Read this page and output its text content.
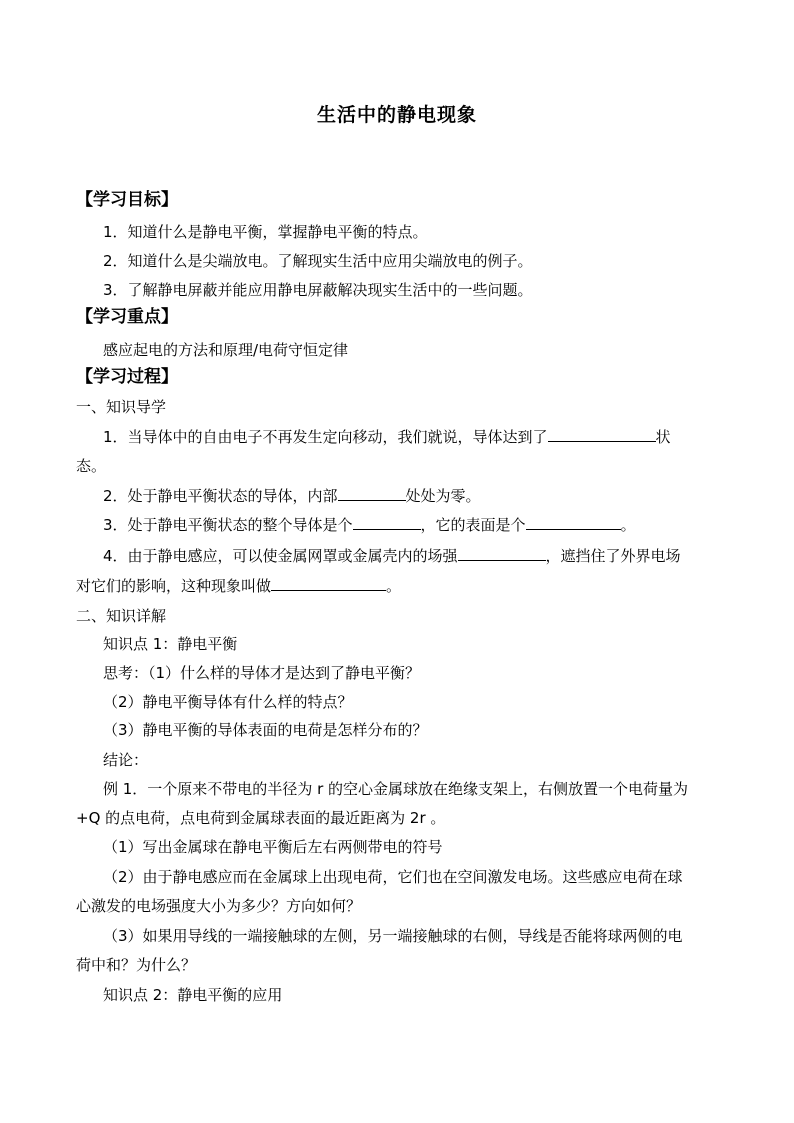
生活中的静电现象
【学习目标】
1．知道什么是静电平衡，掌握静电平衡的特点。
2．知道什么是尖端放电。了解现实生活中应用尖端放电的例子。
3．了解静电屏蔽并能应用静电屏蔽解决现实生活中的一些问题。
【学习重点】
感应起电的方法和原理/电荷守恒定律
【学习过程】
一、知识导学
1．当导体中的自由电子不再发生定向移动，我们就说，导体达到了	状
态。
2．处于静电平衡状态的导体，内部	处处为零。
3．处于静电平衡状态的整个导体是个	，它的表面是个	。
4．由于静电感应，可以使金属网罩或金属壳内的场强	，遮挡住了外界电场
对它们的影响，这种现象叫做	。
二、知识详解
知识点 1：静电平衡
思考：（1）什么样的导体才是达到了静电平衡？
（2）静电平衡导体有什么样的特点？
（3）静电平衡的导体表面的电荷是怎样分布的？
结论：
例 1．一个原来不带电的半径为 r 的空心金属球放在绝缘支架上，右侧放置一个电荷量为
+Q 的点电荷，点电荷到金属球表面的最近距离为 2r 。
（1）写出金属球在静电平衡后左右两侧带电的符号
（2）由于静电感应而在金属球上出现电荷，它们也在空间激发电场。这些感应电荷在球
心激发的电场强度大小为多少？方向如何？
（3）如果用导线的一端接触球的左侧，另一端接触球的右侧，导线是否能将球两侧的电
荷中和？为什么？
知识点 2：静电平衡的应用
